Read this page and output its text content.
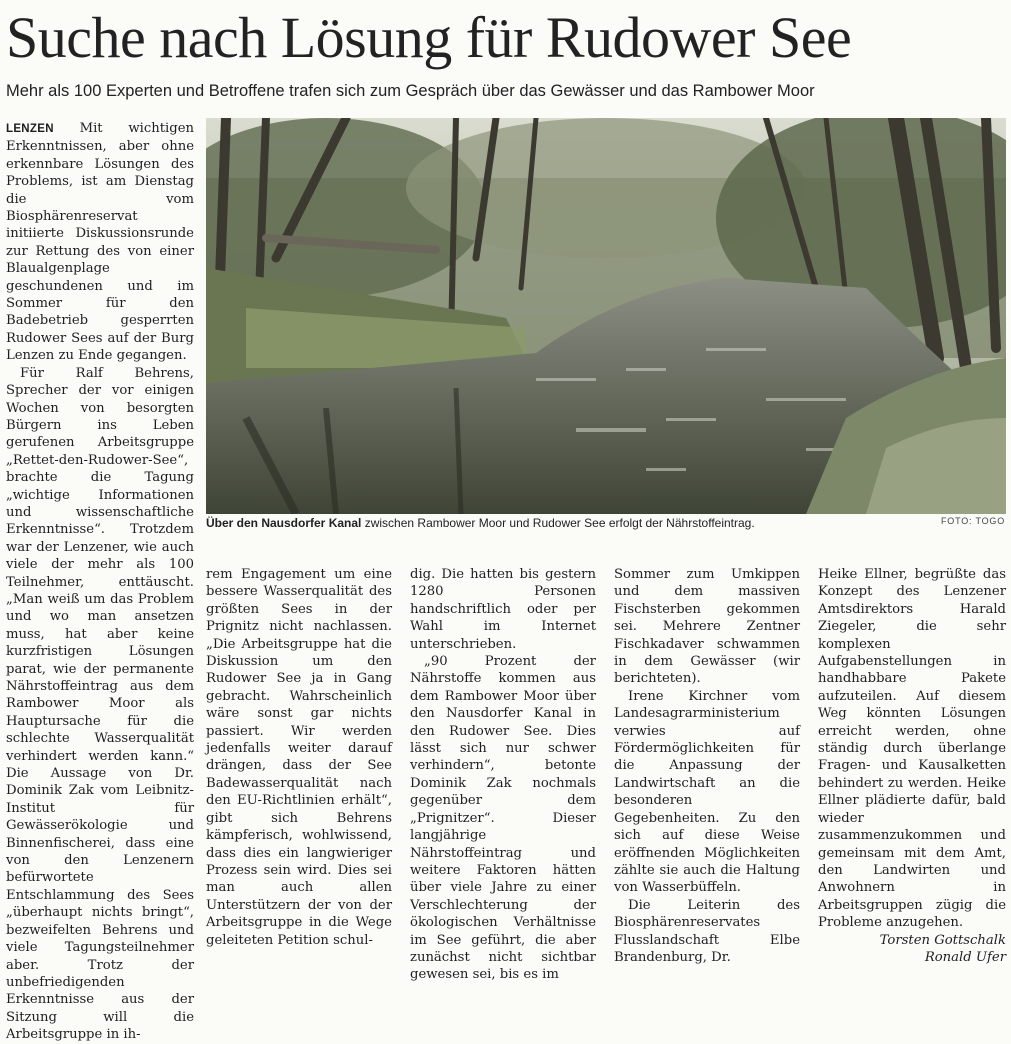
Suche nach Lösung für Rudower See
Mehr als 100 Experten und Betroffene trafen sich zum Gespräch über das Gewässer und das Rambower Moor

LENZEN Mit wichtigen Erkenntnissen, aber ohne erkennbare Lösungen des Problems, ist am Dienstag die vom Biosphärenreservat initiierte Diskussionsrunde zur Rettung des von einer Blaualgenplage geschundenen und im Sommer für den Badebetrieb gesperrten Rudower Sees auf der Burg Lenzen zu Ende gegangen.

Für Ralf Behrens, Sprecher der vor einigen Wochen von besorgten Bürgern ins Leben gerufenen Arbeitsgruppe „Rettet-den-Rudower-See“, brachte die Tagung „wichtige Informationen und wissenschaftliche Erkenntnisse“. Trotzdem war der Lenzener, wie auch viele der mehr als 100 Teilnehmer, enttäuscht. „Man weiß um das Problem und wo man ansetzen muss, hat aber keine kurzfristigen Lösungen parat, wie der permanente Nährstoffeintrag aus dem Rambower Moor als Hauptursache für die schlechte Wasserqualität verhindert werden kann.“ Die Aussage von Dr. Dominik Zak vom Leibnitz-Institut für Gewässerökologie und Binnenfischerei, dass eine von den Lenzenern befürwortete Entschlammung des Sees „überhaupt nichts bringt“, bezweifelten Behrens und viele Tagungsteilnehmer aber. Trotz der unbefriedigenden Erkenntnisse aus der Sitzung will die Arbeitsgruppe in ih-

Über den Nausdorfer Kanal zwischen Rambower Moor und Rudower See erfolgt der Nährstoffeintrag.	FOTO: TOGO

rem Engagement um eine bessere Wasserqualität des größten Sees in der Prignitz nicht nachlassen. „Die Arbeitsgruppe hat die Diskussion um den Rudower See ja in Gang gebracht. Wahrscheinlich wäre sonst gar nichts passiert. Wir werden jedenfalls weiter darauf drängen, dass der See Badewasserqualität nach den EU-Richtlinien erhält“, gibt sich Behrens kämpferisch, wohlwissend, dass dies ein langwieriger Prozess sein wird. Dies sei man auch allen Unterstützern der von der Arbeitsgruppe in die Wege geleiteten Petition schul-

dig. Die hatten bis gestern 1280 Personen handschriftlich oder per Wahl im Internet unterschrieben.

„90 Prozent der Nährstoffe kommen aus dem Rambower Moor über den Nausdorfer Kanal in den Rudower See. Dies lässt sich nur schwer verhindern“, betonte Dominik Zak nochmals gegenüber dem „Prignitzer“. Dieser langjährige Nährstoffeintrag und weitere Faktoren hätten über viele Jahre zu einer Verschlechterung der ökologischen Verhältnisse im See geführt, die aber zunächst nicht sichtbar gewesen sei, bis es im

Sommer zum Umkippen und dem massiven Fischsterben gekommen sei. Mehrere Zentner Fischkadaver schwammen in dem Gewässer (wir berichteten).

Irene Kirchner vom Landesagrarministerium verwies auf Fördermöglichkeiten für die Anpassung der Landwirtschaft an die besonderen Gegebenheiten. Zu den sich auf diese Weise eröffnenden Möglichkeiten zählte sie auch die Haltung von Wasserbüffeln.

Die Leiterin des Biosphärenreservates Flusslandschaft Elbe Brandenburg, Dr.

Heike Ellner, begrüßte das Konzept des Lenzener Amtsdirektors Harald Ziegeler, die sehr komplexen Aufgabenstellungen in handhabbare Pakete aufzuteilen. Auf diesem Weg könnten Lösungen erreicht werden, ohne ständig durch überlange Fragen- und Kausalketten behindert zu werden. Heike Ellner plädierte dafür, bald wieder zusammenzukommen und gemeinsam mit dem Amt, den Landwirten und Anwohnern in Arbeitsgruppen zügig die Probleme anzugehen.

Torsten Gottschalk

Ronald Ufer
